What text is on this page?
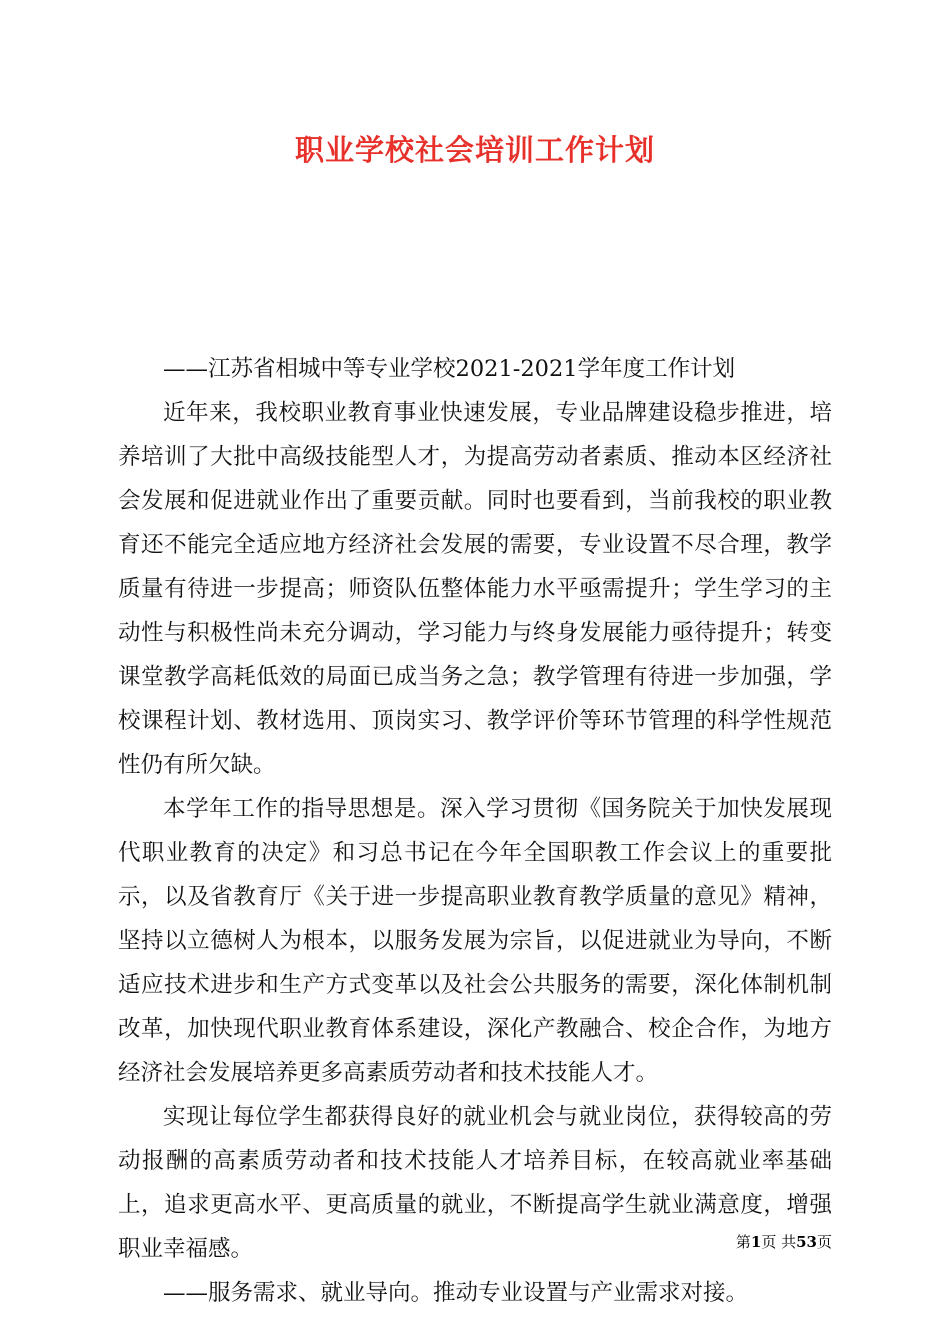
职业学校社会培训工作计划

——江苏省相城中等专业学校2021-2021学年度工作计划

近年来，我校职业教育事业快速发展，专业品牌建设稳步推进，培养培训了大批中高级技能型人才，为提高劳动者素质、推动本区经济社会发展和促进就业作出了重要贡献。同时也要看到，当前我校的职业教育还不能完全适应地方经济社会发展的需要，专业设置不尽合理，教学质量有待进一步提高；师资队伍整体能力水平亟需提升；学生学习的主动性与积极性尚未充分调动，学习能力与终身发展能力亟待提升；转变课堂教学高耗低效的局面已成当务之急；教学管理有待进一步加强，学校课程计划、教材选用、顶岗实习、教学评价等环节管理的科学性规范性仍有所欠缺。

本学年工作的指导思想是。深入学习贯彻《国务院关于加快发展现代职业教育的决定》和习总书记在今年全国职教工作会议上的重要批示，以及省教育厅《关于进一步提高职业教育教学质量的意见》精神，坚持以立德树人为根本，以服务发展为宗旨，以促进就业为导向，不断适应技术进步和生产方式变革以及社会公共服务的需要，深化体制机制改革，加快现代职业教育体系建设，深化产教融合、校企合作，为地方经济社会发展培养更多高素质劳动者和技术技能人才。

实现让每位学生都获得良好的就业机会与就业岗位，获得较高的劳动报酬的高素质劳动者和技术技能人才培养目标，在较高就业率基础上，追求更高水平、更高质量的就业，不断提高学生就业满意度，增强职业幸福感。

——服务需求、就业导向。推动专业设置与产业需求对接。

第1页 共53页
